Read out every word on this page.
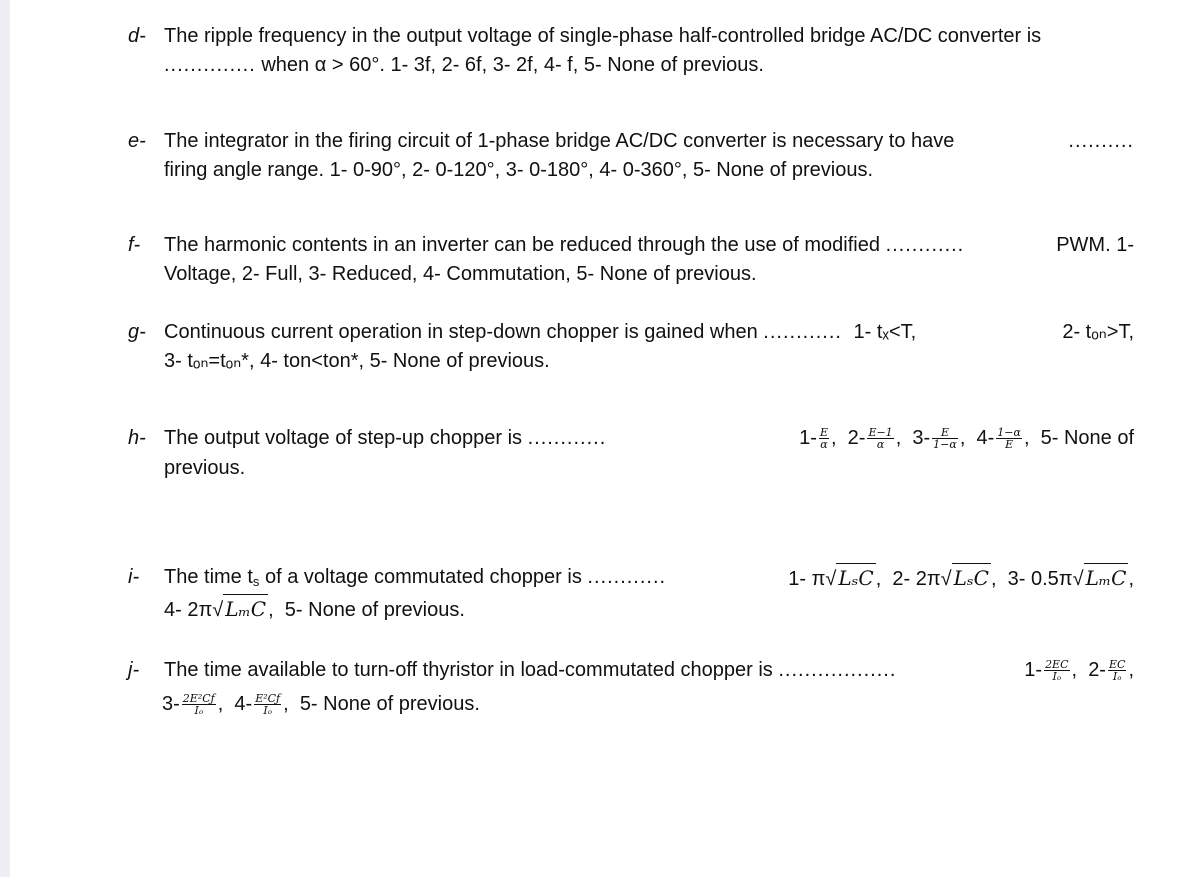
d- The ripple frequency in the output voltage of single-phase half-controlled bridge AC/DC converter is
.............. when α > 60°. 1- 3f, 2- 6f, 3- 2f, 4- f, 5- None of previous.
e- The integrator in the firing circuit of 1-phase bridge AC/DC converter is necessary to have	..........
firing angle range. 1- 0-90°, 2- 0-120°, 3- 0-180°, 4- 0-360°, 5- None of previous.
f- The harmonic contents in an inverter can be reduced through the use of modified ............	PWM. 1-
Voltage, 2- Full, 3- Reduced, 4- Commutation, 5- None of previous.
g- Continuous current operation in step-down chopper is gained when ............ 1- tₓ<T,	2- tₒₙ>T,
3- tₒₙ=tₒₙ*, 4- ton<ton*, 5- None of previous.
h- The output voltage of step-up chopper is ............	$1- \frac{E}{\alpha}$ ,  $2- \frac{E-1}{\alpha}$ ,  $3- \frac{E}{1-\alpha}$ ,  $4- \frac{1-\alpha}{E}$ ,  5- None of
previous.
i- The time $t_s$ of a voltage commutated chopper is ............	1- π√ LₛC ,  2- 2π√ LₛC ,  3- 0.5π√ LₘC ,
4- 2π√ LₘC ,  5- None of previous.
j- The time available to turn-off thyristor in load-commutated chopper is ..................	$1- \frac{2EC}{\text{Iₒ}}$ ,  $2- \frac{EC}{\text{Iₒ}}$ ,
$3- \frac{\text{2E²Cƒ}}{\text{Iₒ}}$ ,  $4- \frac{\text{E²Cƒ}}{\text{Iₒ}}$ ,  5- None of previous.
